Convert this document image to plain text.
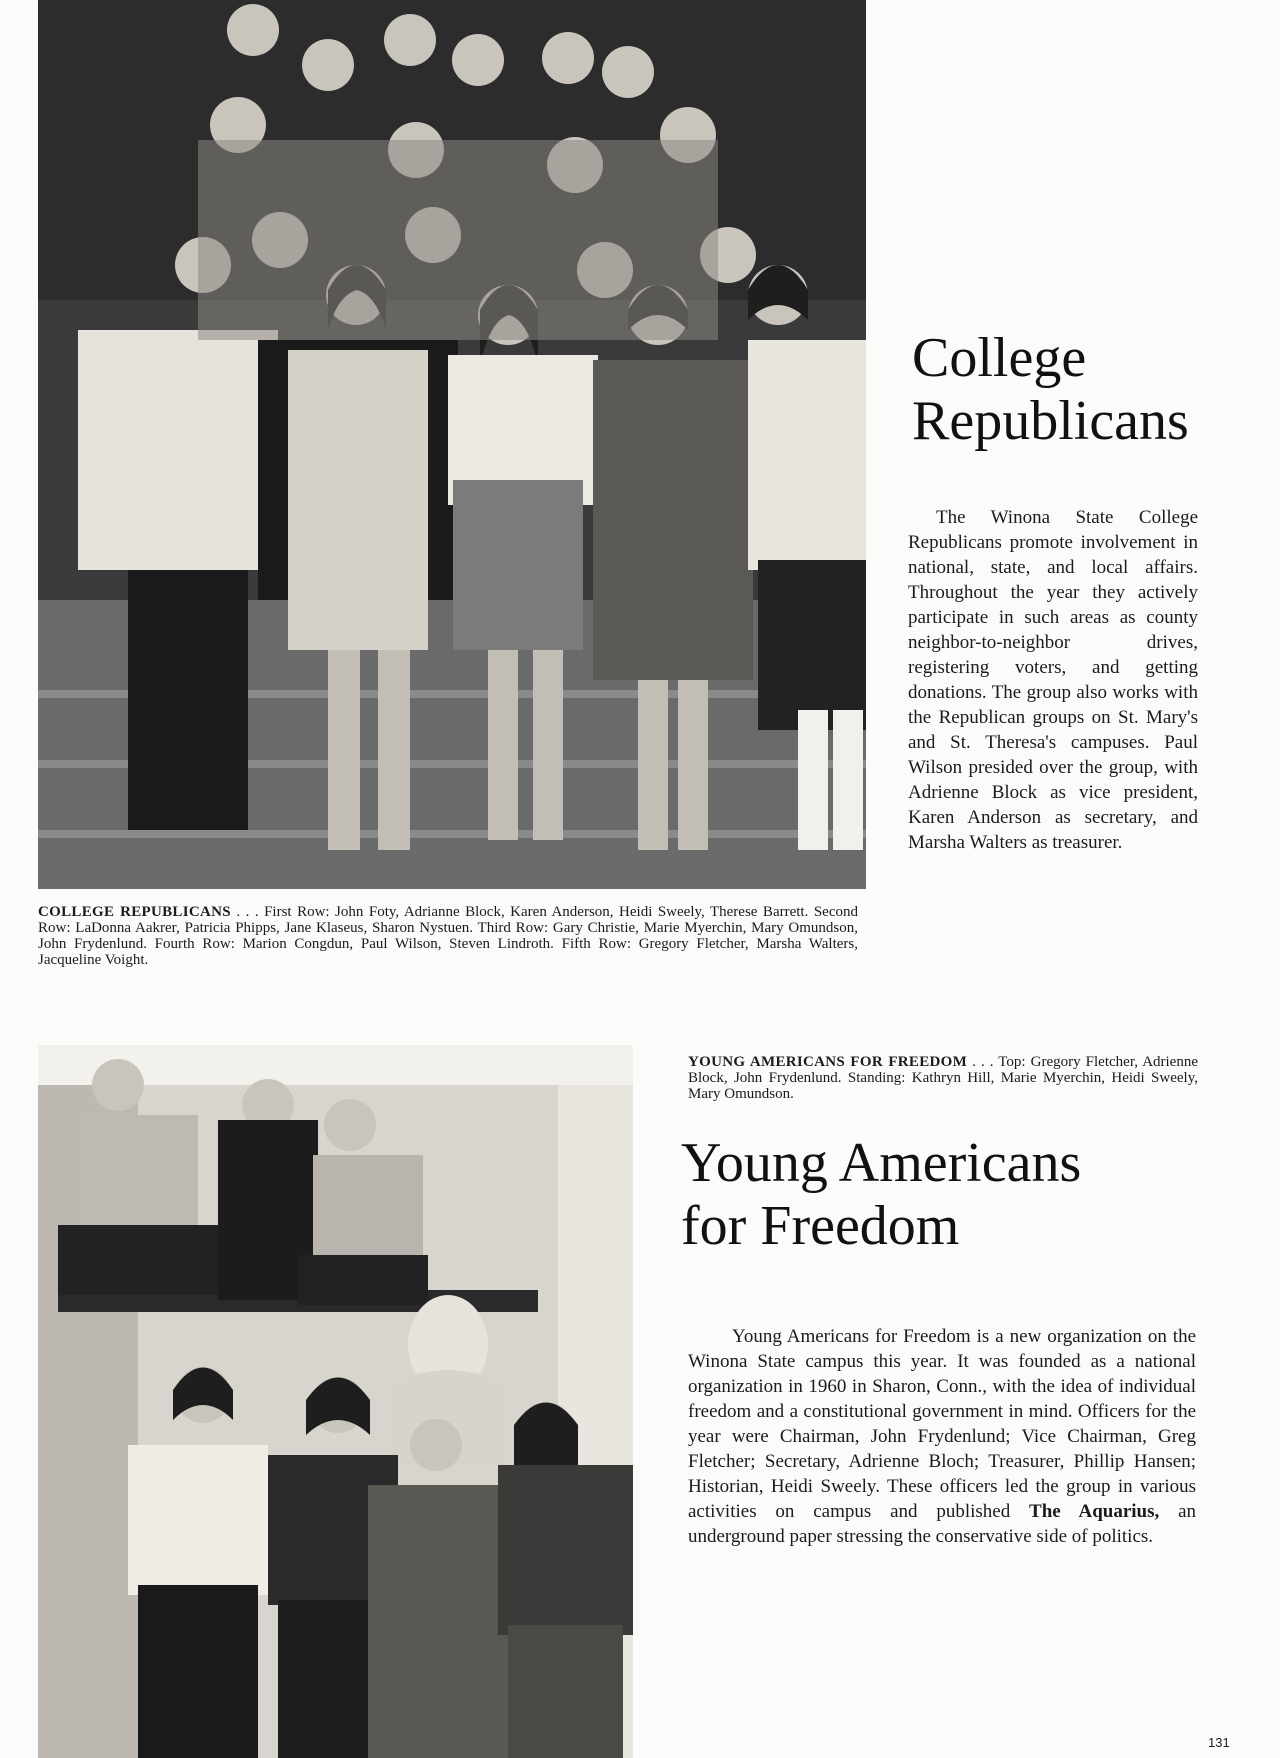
College
Republicans

The Winona State College Republicans promote involvement in national, state, and local affairs. Throughout the year they actively participate in such areas as county neighbor-to-neighbor drives, registering voters, and getting donations. The group also works with the Republican groups on St. Mary's and St. Theresa's campuses. Paul Wilson presided over the group, with Adrienne Block as vice president, Karen Anderson as secretary, and Marsha Walters as treasurer.

COLLEGE REPUBLICANS . . . First Row: John Foty, Adrianne Block, Karen Anderson, Heidi Sweely, Therese Barrett. Second Row: LaDonna Aakrer, Patricia Phipps, Jane Klaseus, Sharon Nystuen. Third Row: Gary Christie, Marie Myerchin, Mary Omundson, John Frydenlund. Fourth Row: Marion Congdun, Paul Wilson, Steven Lindroth. Fifth Row: Gregory Fletcher, Marsha Walters, Jacqueline Voight.

YOUNG AMERICANS FOR FREEDOM . . . Top: Gregory Fletcher, Adrienne Block, John Frydenlund. Standing: Kathryn Hill, Marie Myerchin, Heidi Sweely, Mary Omundson.

Young Americans
for Freedom

Young Americans for Freedom is a new organization on the Winona State campus this year. It was founded as a national organization in 1960 in Sharon, Conn., with the idea of individual freedom and a constitutional government in mind. Officers for the year were Chairman, John Frydenlund; Vice Chairman, Greg Fletcher; Secretary, Adrienne Bloch; Treasurer, Phillip Hansen; Historian, Heidi Sweely. These officers led the group in various activities on campus and published The Aquarius, an underground paper stressing the conservative side of politics.

131
